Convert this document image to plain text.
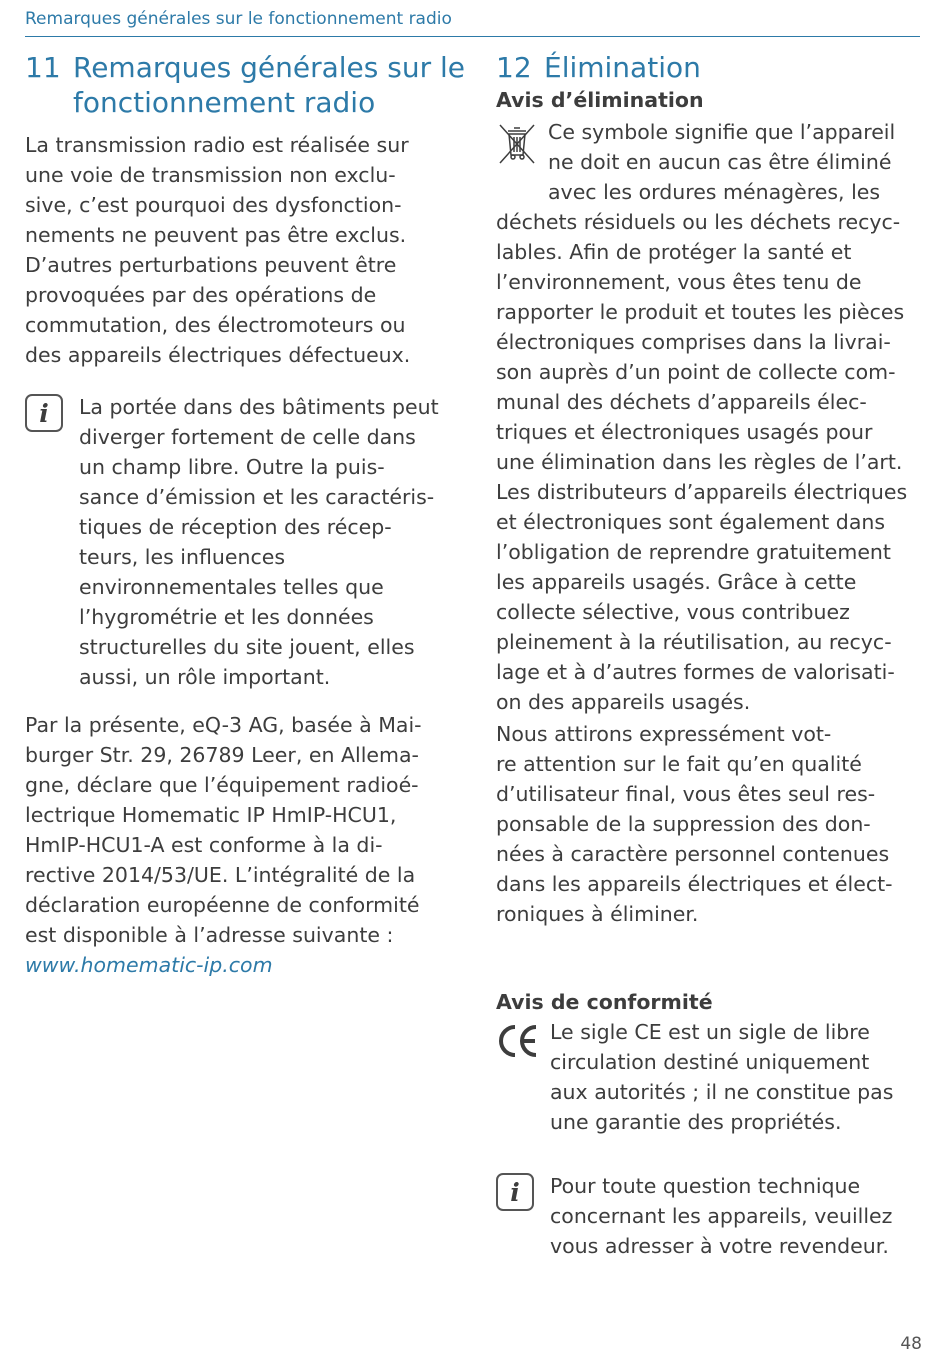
Remarques générales sur le fonctionnement radio
11 Remarques générales sur le
fonctionnement radio

La transmission radio est réalisée sur
une voie de transmission non exclu-
sive, c’est pourquoi des dysfonction-
nements ne peuvent pas être exclus.
D’autres perturbations peuvent être
provoquées par des opérations de
commutation, des électromoteurs ou
des appareils électriques défectueux.

i	La portée dans des bâtiments peut
diverger fortement de celle dans
un champ libre. Outre la puis-
sance d’émission et les caractéris-
tiques de réception des récep-
teurs, les influences
environnementales telles que
l’hygrométrie et les données
structurelles du site jouent, elles
aussi, un rôle important.

Par la présente, eQ-3 AG, basée à Mai-
burger Str. 29, 26789 Leer, en Allema-
gne, déclare que l’équipement radioé-
lectrique Homematic IP HmIP-HCU1,
HmIP-HCU1-A est conforme à la di-
rective 2014/53/UE. L’intégralité de la
déclaration européenne de conformité
est disponible à l’adresse suivante :
www.homematic-ip.com

12 Élimination

Avis d’élimination

Ce symbole signifie que l’appareil
ne doit en aucun cas être éliminé
avec les ordures ménagères, les

déchets résiduels ou les déchets recyc-
lables. Afin de protéger la santé et
l’environnement, vous êtes tenu de
rapporter le produit et toutes les pièces
électroniques comprises dans la livrai-
son auprès d’un point de collecte com-
munal des déchets d’appareils élec-
triques et électroniques usagés pour
une élimination dans les règles de l’art.
Les distributeurs d’appareils électriques
et électroniques sont également dans
l’obligation de reprendre gratuitement
les appareils usagés. Grâce à cette
collecte sélective, vous contribuez
pleinement à la réutilisation, au recyc-
lage et à d’autres formes de valorisati-
on des appareils usagés.

Nous attirons expressément vot-
re attention sur le fait qu’en qualité
d’utilisateur final, vous êtes seul res-
ponsable de la suppression des don-
nées à caractère personnel contenues
dans les appareils électriques et élect-
roniques à éliminer.

Avis de conformité

Le sigle CE est un sigle de libre
circulation destiné uniquement
aux autorités ; il ne constitue pas
une garantie des propriétés.

i	Pour toute question technique
concernant les appareils, veuillez
vous adresser à votre revendeur.

48
